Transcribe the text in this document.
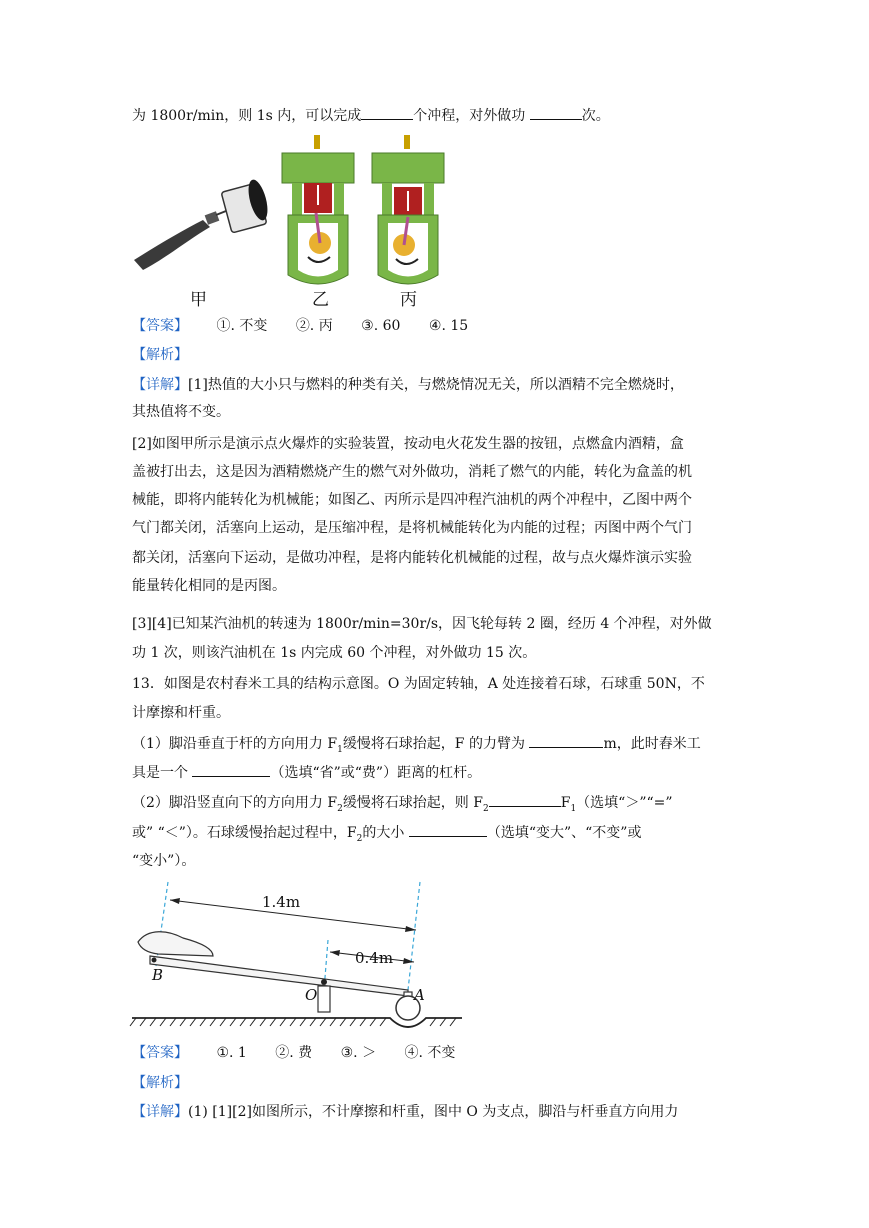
为 1800r/min，则 1s 内，可以完成	个冲程，对外做功	次。
甲	乙	丙
【答案】 ①. 不变 ②. 丙 ③. 60 ④. 15
【解析】
【详解】[1]热值的大小只与燃料的种类有关，与燃烧情况无关，所以酒精不完全燃烧时，
其热值将不变。
[2]如图甲所示是演示点火爆炸的实验装置，按动电火花发生器的按钮，点燃盒内酒精，盒
盖被打出去，这是因为酒精燃烧产生的燃气对外做功，消耗了燃气的内能，转化为盒盖的机
械能，即将内能转化为机械能；如图乙、丙所示是四冲程汽油机的两个冲程中，乙图中两个
气门都关闭，活塞向上运动，是压缩冲程，是将机械能转化为内能的过程；丙图中两个气门
都关闭，活塞向下运动，是做功冲程，是将内能转化机械能的过程，故与点火爆炸演示实验
能量转化相同的是丙图。
[3][4]已知某汽油机的转速为 1800r/min=30r/s，因飞轮每转 2 圈，经历 4 个冲程，对外做
功 1 次，则该汽油机在 1s 内完成 60 个冲程，对外做功 15 次。
13．如图是农村舂米工具的结构示意图。O 为固定转轴，A 处连接着石球，石球重 50N，不
计摩擦和杆重。
（1）脚沿垂直于杆的方向用力 $F_1$缓慢将石球抬起，F 的力臂为	m，此时舂米工
具是一个	（选填“省”或“费”）距离的杠杆。
（2）脚沿竖直向下的方向用力 $F_2$缓慢将石球抬起，则 $F_2$	$F_1$（选填“＞”“=”
或” “＜”）。石球缓慢抬起过程中，$F_2$的大小	（选填“变大”、“不变”或
“变小”）。
1.4m
0.4m
B
O	A
【答案】 ①. 1 ②. 费 ③. ＞ ④. 不变
【解析】
【详解】(1) [1][2]如图所示，不计摩擦和杆重，图中 O 为支点，脚沿与杆垂直方向用力
